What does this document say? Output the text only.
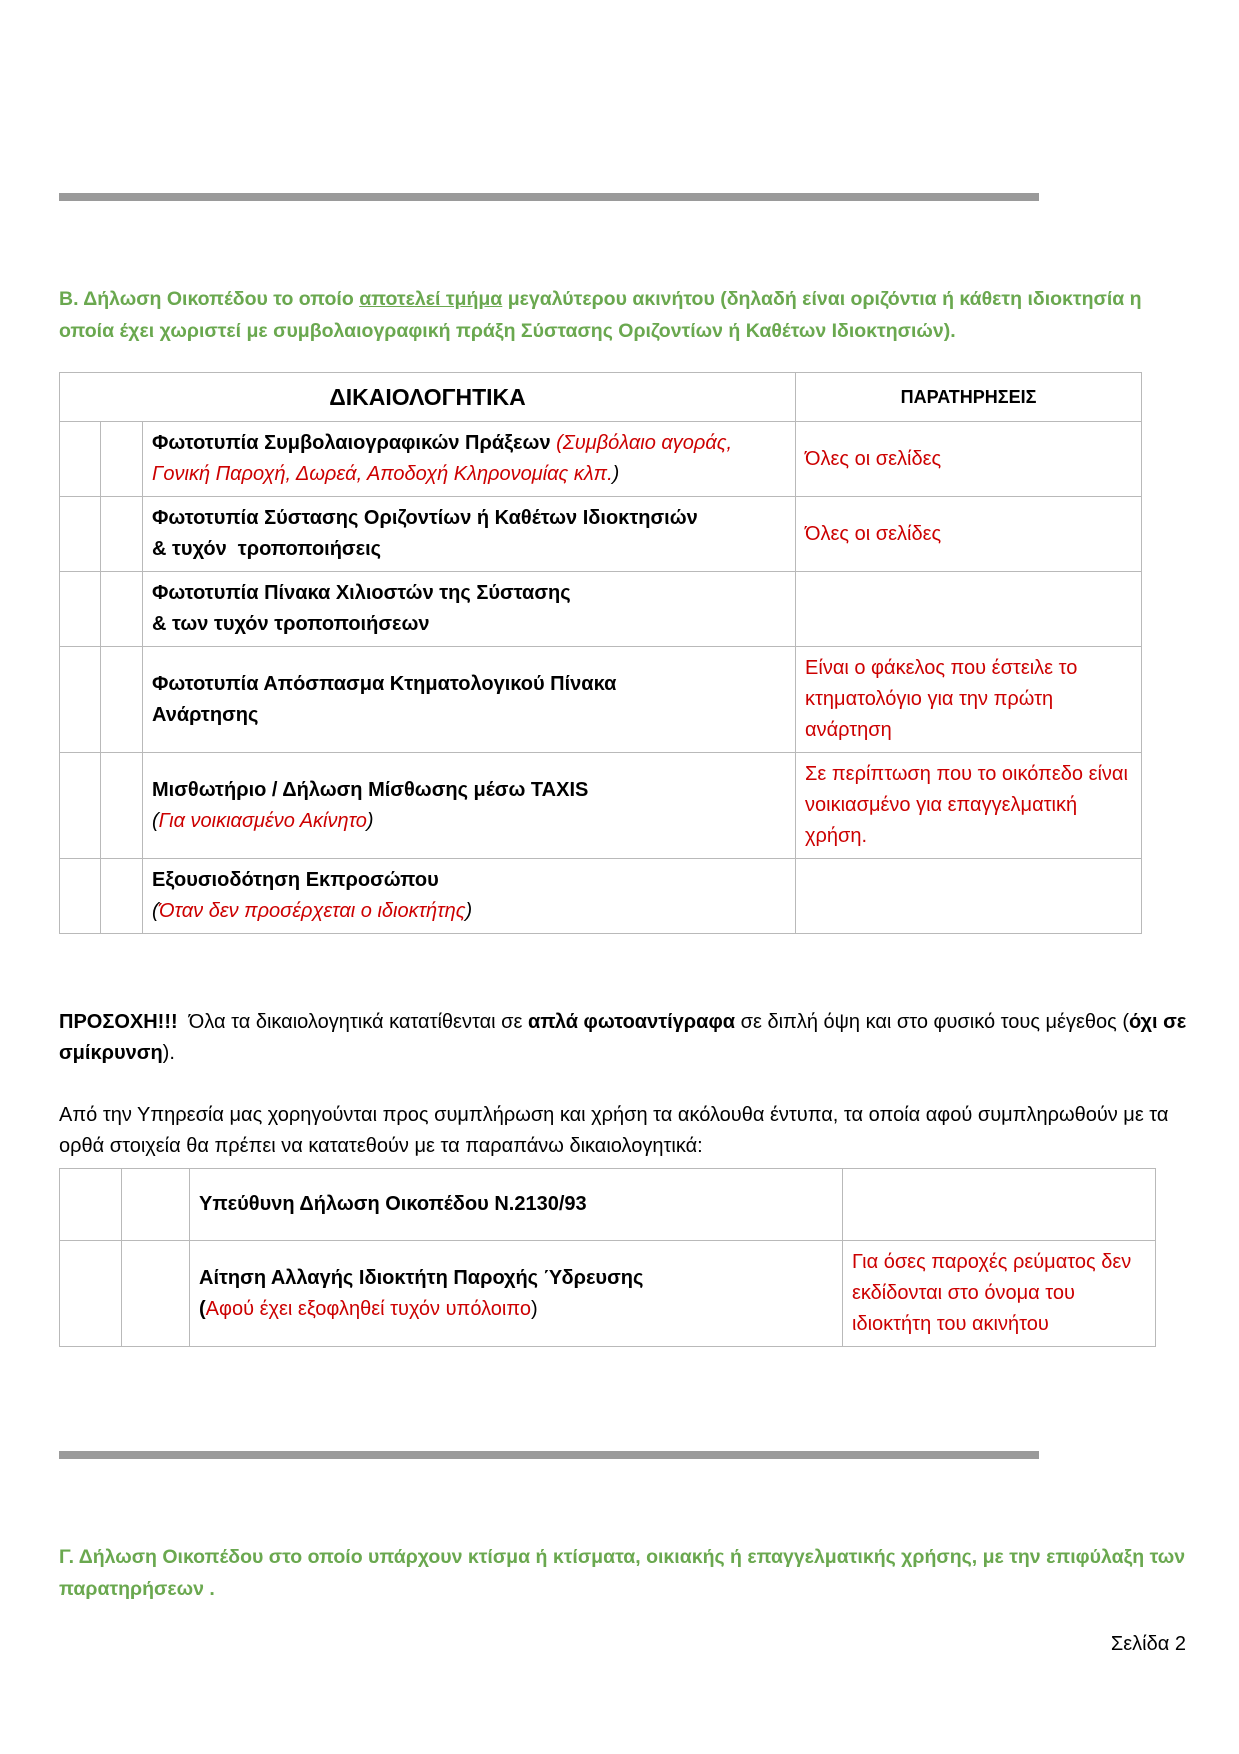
Β. Δήλωση Οικοπέδου το οποίο αποτελεί τμήμα μεγαλύτερου ακινήτου (δηλαδή είναι οριζόντια ή κάθετη ιδιοκτησία η οποία έχει χωριστεί με συμβολαιογραφική πράξη Σύστασης Οριζοντίων ή Καθέτων Ιδιοκτησιών).
ΔΙΚΑΙΟΛΟΓΗΤΙΚΑ			ΠΑΡΑΤΗΡΗΣΕΙΣ
		Φωτοτυπία Συμβολαιογραφικών Πράξεων (Συμβόλαιο αγοράς, Γονική Παροχή, Δωρεά, Αποδοχή Κληρονομίας κλπ.)	Όλες οι σελίδες
		Φωτοτυπία Σύστασης Οριζοντίων ή Καθέτων Ιδιοκτησιών
& τυχόν  τροποποιήσεις	Όλες οι σελίδες
		Φωτοτυπία Πίνακα Χιλιοστών της Σύστασης
& των τυχόν τροποποιήσεων	
		Φωτοτυπία Απόσπασμα Κτηματολογικού Πίνακα Ανάρτησης	Είναι ο φάκελος που έστειλε το κτηματολόγιο για την πρώτη ανάρτηση
		Μισθωτήριο / Δήλωση Μίσθωσης μέσω TAXIS
(Για νοικιασμένο Ακίνητο)	Σε περίπτωση που το οικόπεδο είναι νοικιασμένο για επαγγελματική χρήση.
		Εξουσιοδότηση Εκπροσώπου
(Όταν δεν προσέρχεται ο ιδιοκτήτης)	
ΠΡΟΣΟΧΗ!!!  Όλα τα δικαιολογητικά κατατίθενται σε απλά φωτοαντίγραφα σε διπλή όψη και στο φυσικό τους μέγεθος (όχι σε σμίκρυνση).
Από την Υπηρεσία μας χορηγούνται προς συμπλήρωση και χρήση τα ακόλουθα έντυπα, τα οποία αφού συμπληρωθούν με τα ορθά στοιχεία θα πρέπει να κατατεθούν με τα παραπάνω δικαιολογητικά:
		Υπεύθυνη Δήλωση Οικοπέδου Ν.2130/93	
		Αίτηση Αλλαγής Ιδιοκτήτη Παροχής Ύδρευσης
(Αφού έχει εξοφληθεί τυχόν υπόλοιπο)	Για όσες παροχές ρεύματος δεν εκδίδονται στο όνομα του ιδιοκτήτη του ακινήτου
Γ. Δήλωση Οικοπέδου στο οποίο υπάρχουν κτίσμα ή κτίσματα, οικιακής ή επαγγελματικής χρήσης, με την επιφύλαξη των παρατηρήσεων .
Σελίδα 2
